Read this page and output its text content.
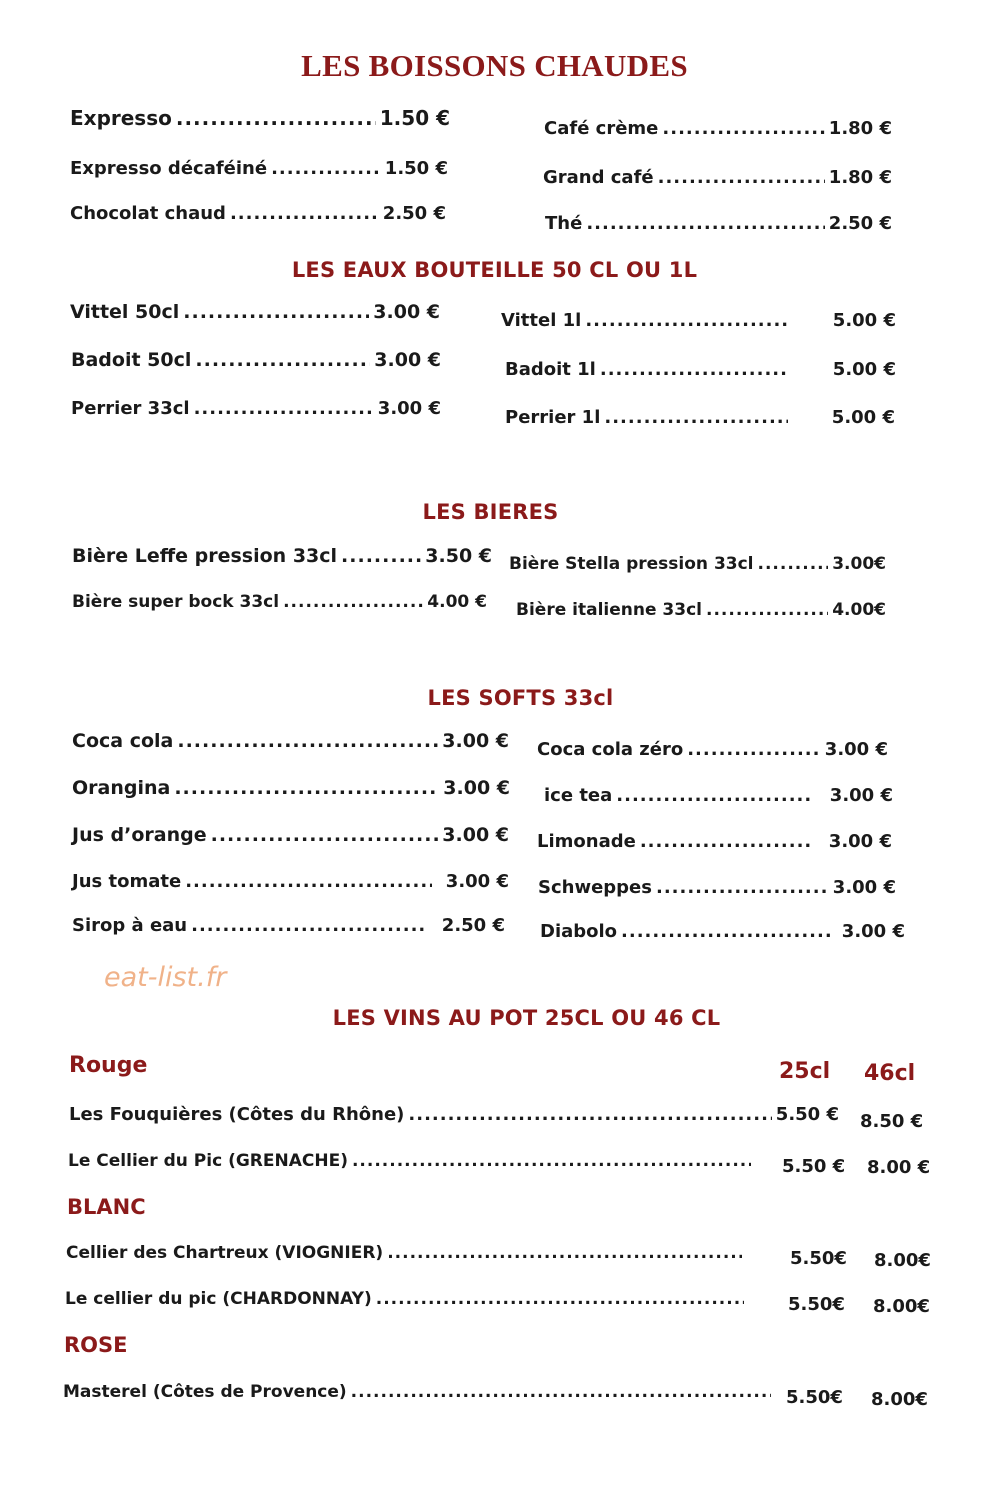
LES BOISSONS CHAUDES
Expresso .....	1.50 €
Expresso décaféiné .....	1.50 €
Chocolat chaud .....	2.50 €
Café crème .....	1.80 €
Grand café .....	1.80 €
Thé .....	2.50 €
LES EAUX BOUTEILLE 50 CL OU 1L
Vittel 50cl .....	3.00 €
Badoit 50cl .....	3.00 €
Perrier 33cl .....	3.00 €
Vittel 1l .....	5.00 €
Badoit 1l .....	5.00 €
Perrier 1l .....	5.00 €
LES BIERES
Bière Leffe pression 33cl .....	3.50 €
Bière super bock 33cl .....	4.00 €
Bière Stella pression 33cl .....	3.00€
Bière italienne 33cl .....	4.00€
LES SOFTS 33cl
Coca cola .....	3.00 €
Orangina .....	3.00 €
Jus d’orange .....	3.00 €
Jus tomate .....	3.00 €
Sirop à eau .....	2.50 €
Coca cola zéro .....	3.00 €
ice tea .....	3.00 €
Limonade .....	3.00 €
Schweppes .....	3.00 €
Diabolo .....	3.00 €
eat-list.fr
LES VINS AU POT 25CL OU 46 CL
Rouge	25cl 46cl
Les Fouquières (Côtes du Rhône) .....	5.50 € 8.50 €
Le Cellier du Pic (GRENACHE) .....	5.50 € 8.00 €
BLANC
Cellier des Chartreux (VIOGNIER) .....	5.50€ 8.00€
Le cellier du pic (CHARDONNAY) .....	5.50€ 8.00€
ROSE
Masterel (Côtes de Provence) .....	5.50€ 8.00€
